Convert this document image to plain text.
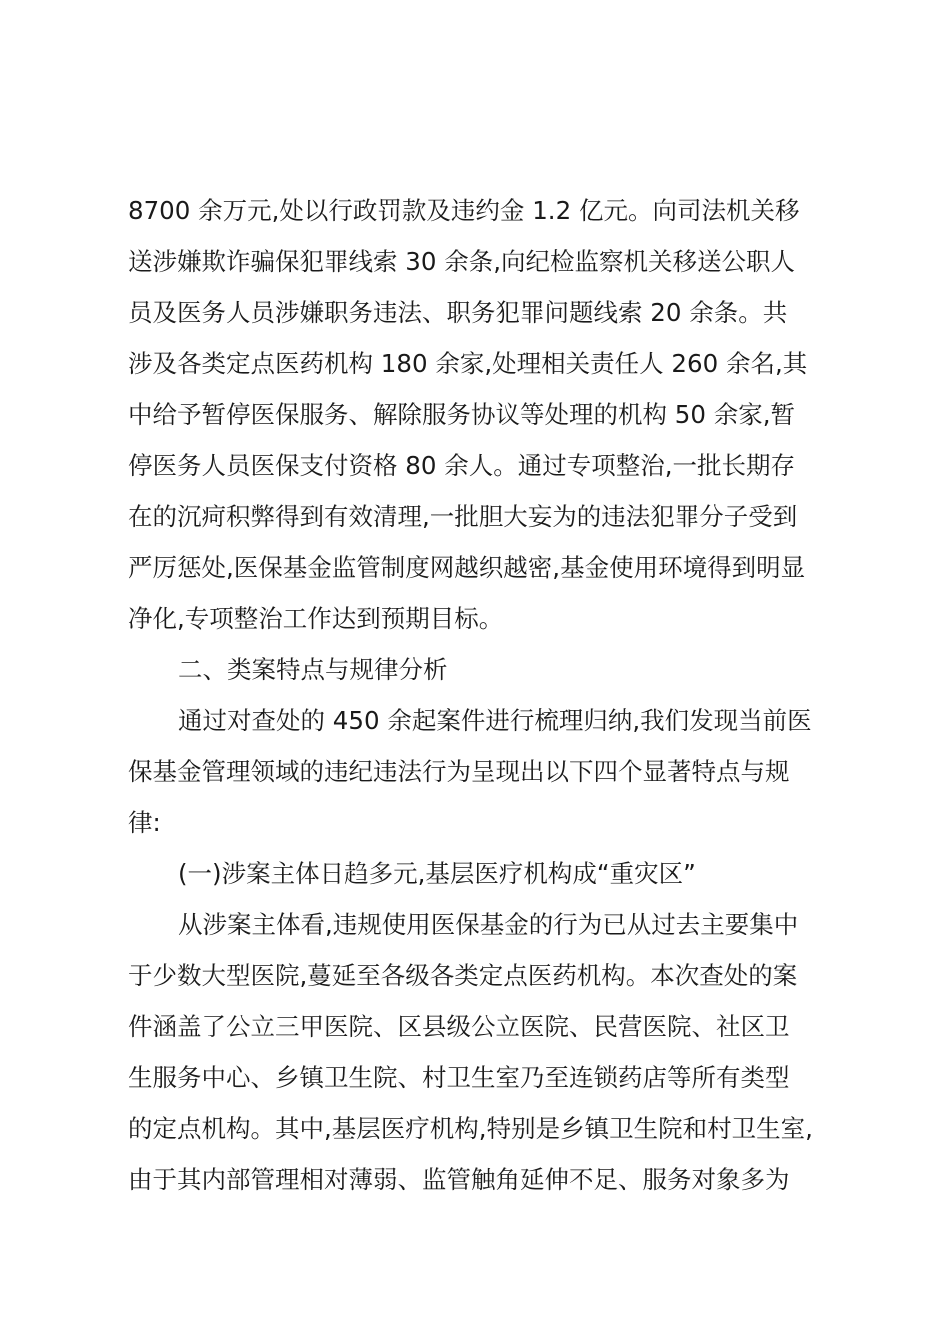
8700 余万元,处以行政罚款及违约金 1.2 亿元。向司法机关移
送涉嫌欺诈骗保犯罪线索 30 余条,向纪检监察机关移送公职人
员及医务人员涉嫌职务违法、职务犯罪问题线索 20 余条。共
涉及各类定点医药机构 180 余家,处理相关责任人 260 余名,其
中给予暂停医保服务、解除服务协议等处理的机构 50 余家,暂
停医务人员医保支付资格 80 余人。通过专项整治,一批长期存
在的沉疴积弊得到有效清理,一批胆大妄为的违法犯罪分子受到
严厉惩处,医保基金监管制度网越织越密,基金使用环境得到明显
净化,专项整治工作达到预期目标。
二、类案特点与规律分析
通过对查处的 450 余起案件进行梳理归纳,我们发现当前医
保基金管理领域的违纪违法行为呈现出以下四个显著特点与规
律:
(一)涉案主体日趋多元,基层医疗机构成“重灾区”
从涉案主体看,违规使用医保基金的行为已从过去主要集中
于少数大型医院,蔓延至各级各类定点医药机构。本次查处的案
件涵盖了公立三甲医院、区县级公立医院、民营医院、社区卫
生服务中心、乡镇卫生院、村卫生室乃至连锁药店等所有类型
的定点机构。其中,基层医疗机构,特别是乡镇卫生院和村卫生室,
由于其内部管理相对薄弱、监管触角延伸不足、服务对象多为
